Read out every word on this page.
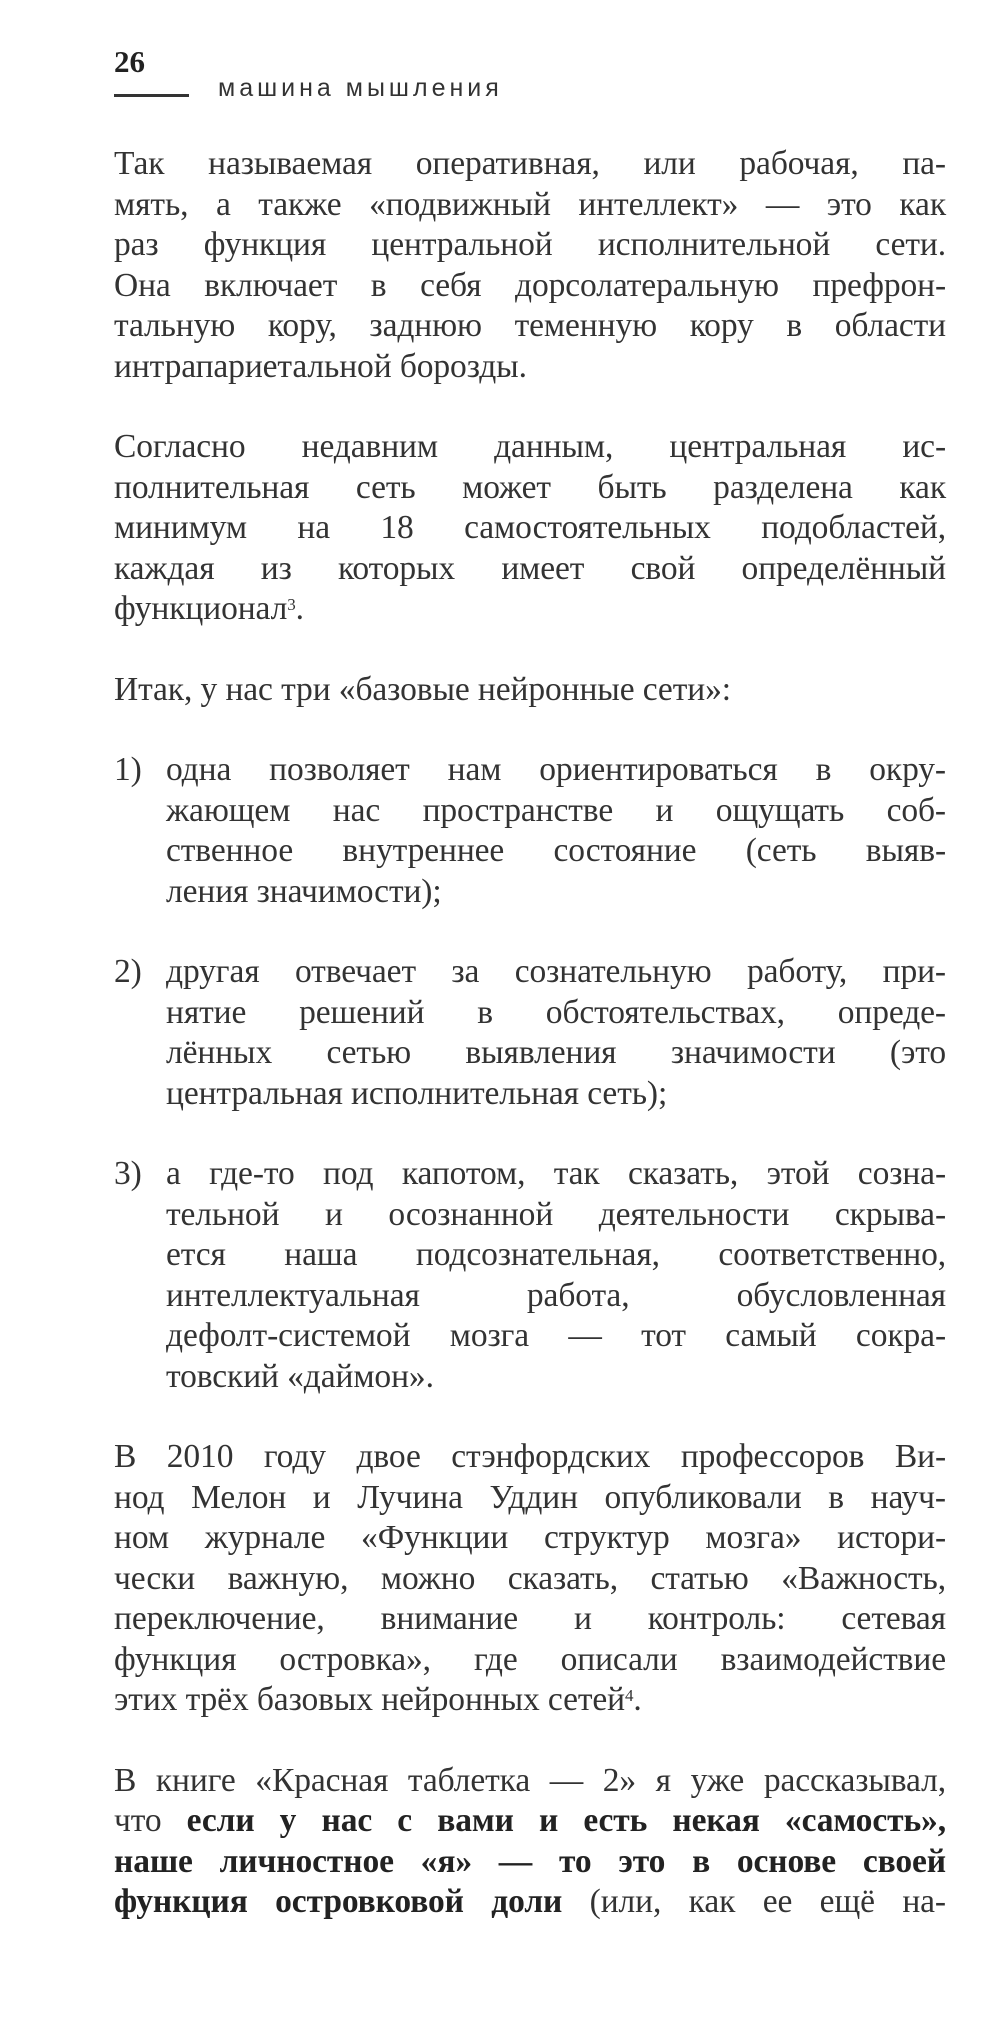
26
машина мышления

Так называемая оперативная, или рабочая, па-
мять, а также «подвижный интеллект» — это как
раз функция центральной исполнительной сети.
Она включает в себя дорсолатеральную префрон-
тальную кору, заднюю теменную кору в области
интрапариетальной борозды.

Согласно недавним данным, центральная ис-
полнительная сеть может быть разделена как
минимум на 18 самостоятельных подобластей,
каждая из которых имеет свой определённый
функционал$^3$.

Итак, у нас три «базовые нейронные сети»:

1) одна позволяет нам ориентироваться в окру-
жающем нас пространстве и ощущать соб-
ственное внутреннее состояние (сеть выяв-
ления значимости);
2) другая отвечает за сознательную работу, при-
нятие решений в обстоятельствах, опреде-
лённых сетью выявления значимости (это
центральная исполнительная сеть);
3) а где-то под капотом, так сказать, этой созна-
тельной и осознанной деятельности скрыва-
ется наша подсознательная, соответственно,
интеллектуальная работа, обусловленная
дефолт-системой мозга — тот самый сокра-
товский «даймон».

В 2010 году двое стэнфордских профессоров Ви-
нод Мелон и Лучина Уддин опубликовали в науч-
ном журнале «Функции структур мозга» истори-
чески важную, можно сказать, статью «Важность,
переключение, внимание и контроль: сетевая
функция островка», где описали взаимодействие
этих трёх базовых нейронных сетей$^4$.

В книге «Красная таблетка — 2» я уже рассказывал,
что если у нас с вами и есть некая «самость»,
наше личностное «я» — то это в основе своей
функция островковой доли (или, как ее ещё на-
